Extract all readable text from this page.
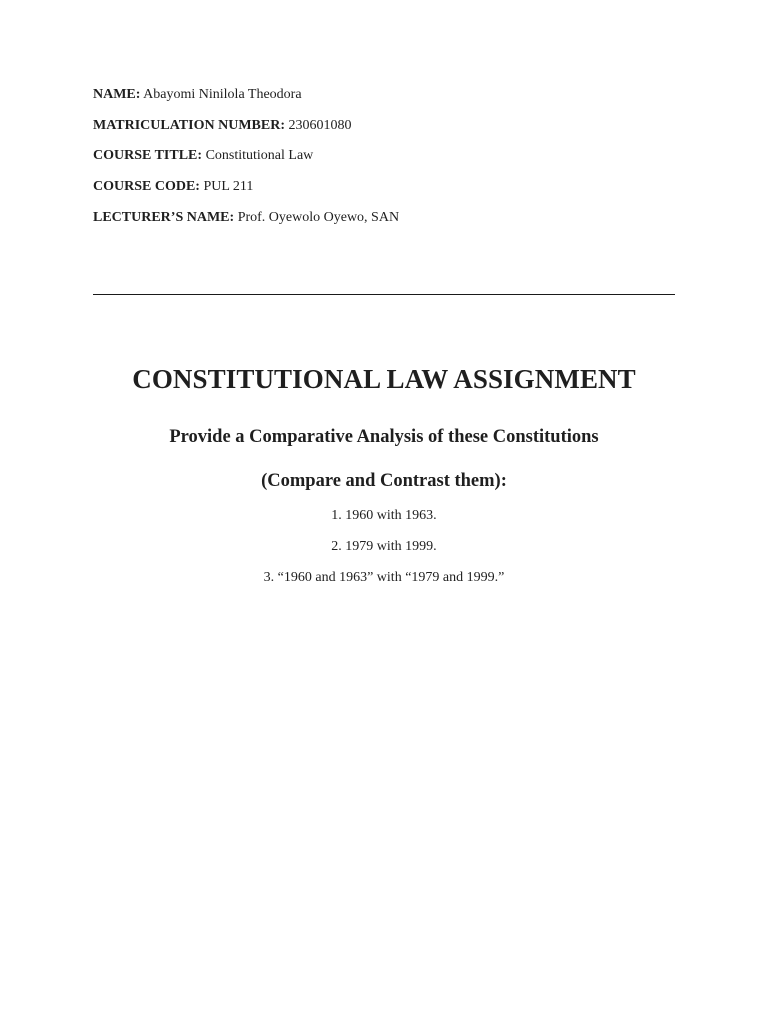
NAME: Abayomi Ninilola Theodora
MATRICULATION NUMBER: 230601080
COURSE TITLE: Constitutional Law
COURSE CODE: PUL 211
LECTURER’S NAME: Prof. Oyewolo Oyewo, SAN
CONSTITUTIONAL LAW ASSIGNMENT
Provide a Comparative Analysis of these Constitutions
(Compare and Contrast them):
1. 1960 with 1963.
2. 1979 with 1999.
3. “1960 and 1963” with “1979 and 1999.”
